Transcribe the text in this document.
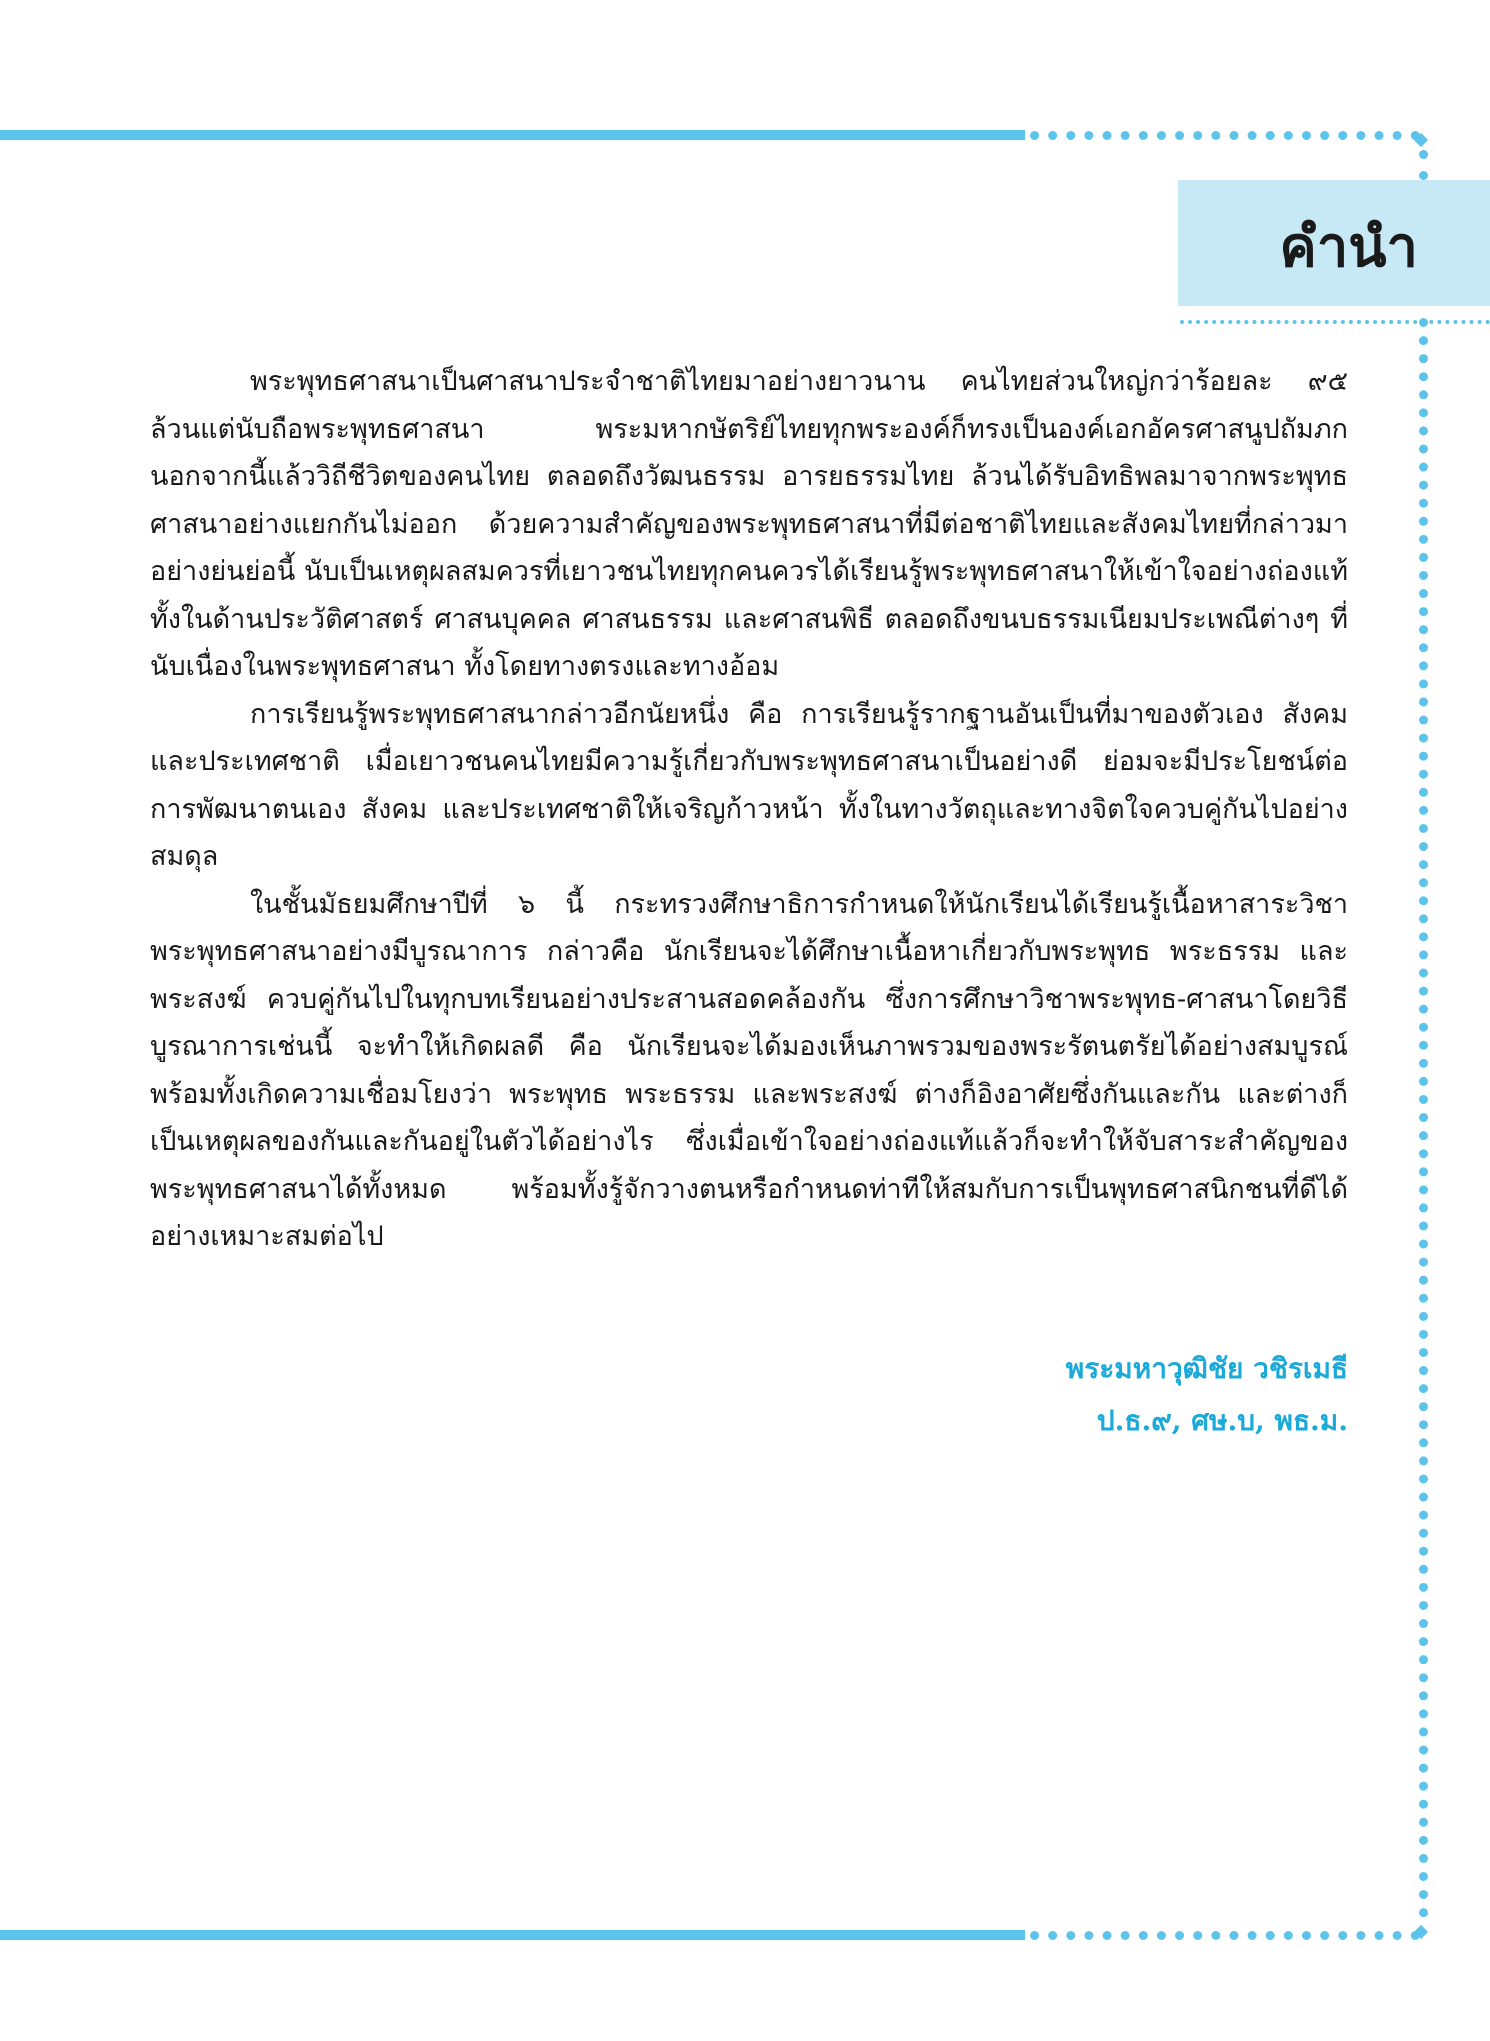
คำนำ

พระพุทธศาสนาเป็นศาสนาประจำชาติไทยมาอย่างยาวนาน คนไทยส่วนใหญ่กว่าร้อยละ ๙๕ ล้วนแต่นับถือพระพุทธศาสนา พระมหากษัตริย์ไทยทุกพระองค์ก็ทรงเป็นองค์เอกอัครศาสนูปถัมภก นอกจากนี้แล้ววิถีชีวิตของคนไทย ตลอดถึงวัฒนธรรม อารยธรรมไทย ล้วนได้รับอิทธิพลมาจากพระพุทธศาสนาอย่างแยกกันไม่ออก ด้วยความสำคัญของพระพุทธศาสนาที่มีต่อชาติไทยและสังคมไทยที่กล่าวมาอย่างย่นย่อนี้ นับเป็นเหตุผลสมควรที่เยาวชนไทยทุกคนควรได้เรียนรู้พระพุทธศาสนาให้เข้าใจอย่างถ่องแท้ ทั้งในด้านประวัติศาสตร์ ศาสนบุคคล ศาสนธรรม และศาสนพิธี ตลอดถึงขนบธรรมเนียมประเพณีต่างๆ ที่นับเนื่องในพระพุทธศาสนา ทั้งโดยทางตรงและทางอ้อม

การเรียนรู้พระพุทธศาสนากล่าวอีกนัยหนึ่ง คือ การเรียนรู้รากฐานอันเป็นที่มาของตัวเอง สังคมและประเทศชาติ เมื่อเยาวชนคนไทยมีความรู้เกี่ยวกับพระพุทธศาสนาเป็นอย่างดี ย่อมจะมีประโยชน์ต่อการพัฒนาตนเอง สังคม และประเทศชาติให้เจริญก้าวหน้า ทั้งในทางวัตถุและทางจิตใจควบคู่กันไปอย่างสมดุล

ในชั้นมัธยมศึกษาปีที่ ๖ นี้ กระทรวงศึกษาธิการกำหนดให้นักเรียนได้เรียนรู้เนื้อหาสาระวิชาพระพุทธศาสนาอย่างมีบูรณาการ กล่าวคือ นักเรียนจะได้ศึกษาเนื้อหาเกี่ยวกับพระพุทธ พระธรรม และพระสงฆ์ ควบคู่กันไปในทุกบทเรียนอย่างประสานสอดคล้องกัน ซึ่งการศึกษาวิชาพระพุทธ-ศาสนาโดยวิธีบูรณาการเช่นนี้ จะทำให้เกิดผลดี คือ นักเรียนจะได้มองเห็นภาพรวมของพระรัตนตรัยได้อย่างสมบูรณ์ พร้อมทั้งเกิดความเชื่อมโยงว่า พระพุทธ พระธรรม และพระสงฆ์ ต่างก็อิงอาศัยซึ่งกันและกัน และต่างก็เป็นเหตุผลของกันและกันอยู่ในตัวได้อย่างไร ซึ่งเมื่อเข้าใจอย่างถ่องแท้แล้วก็จะทำให้จับสาระสำคัญของพระพุทธศาสนาได้ทั้งหมด พร้อมทั้งรู้จักวางตนหรือกำหนดท่าทีให้สมกับการเป็นพุทธศาสนิกชนที่ดีได้อย่างเหมาะสมต่อไป

พระมหาวุฒิชัย วชิรเมธี
ป.ธ.๙, ศษ.บ, พธ.ม.
